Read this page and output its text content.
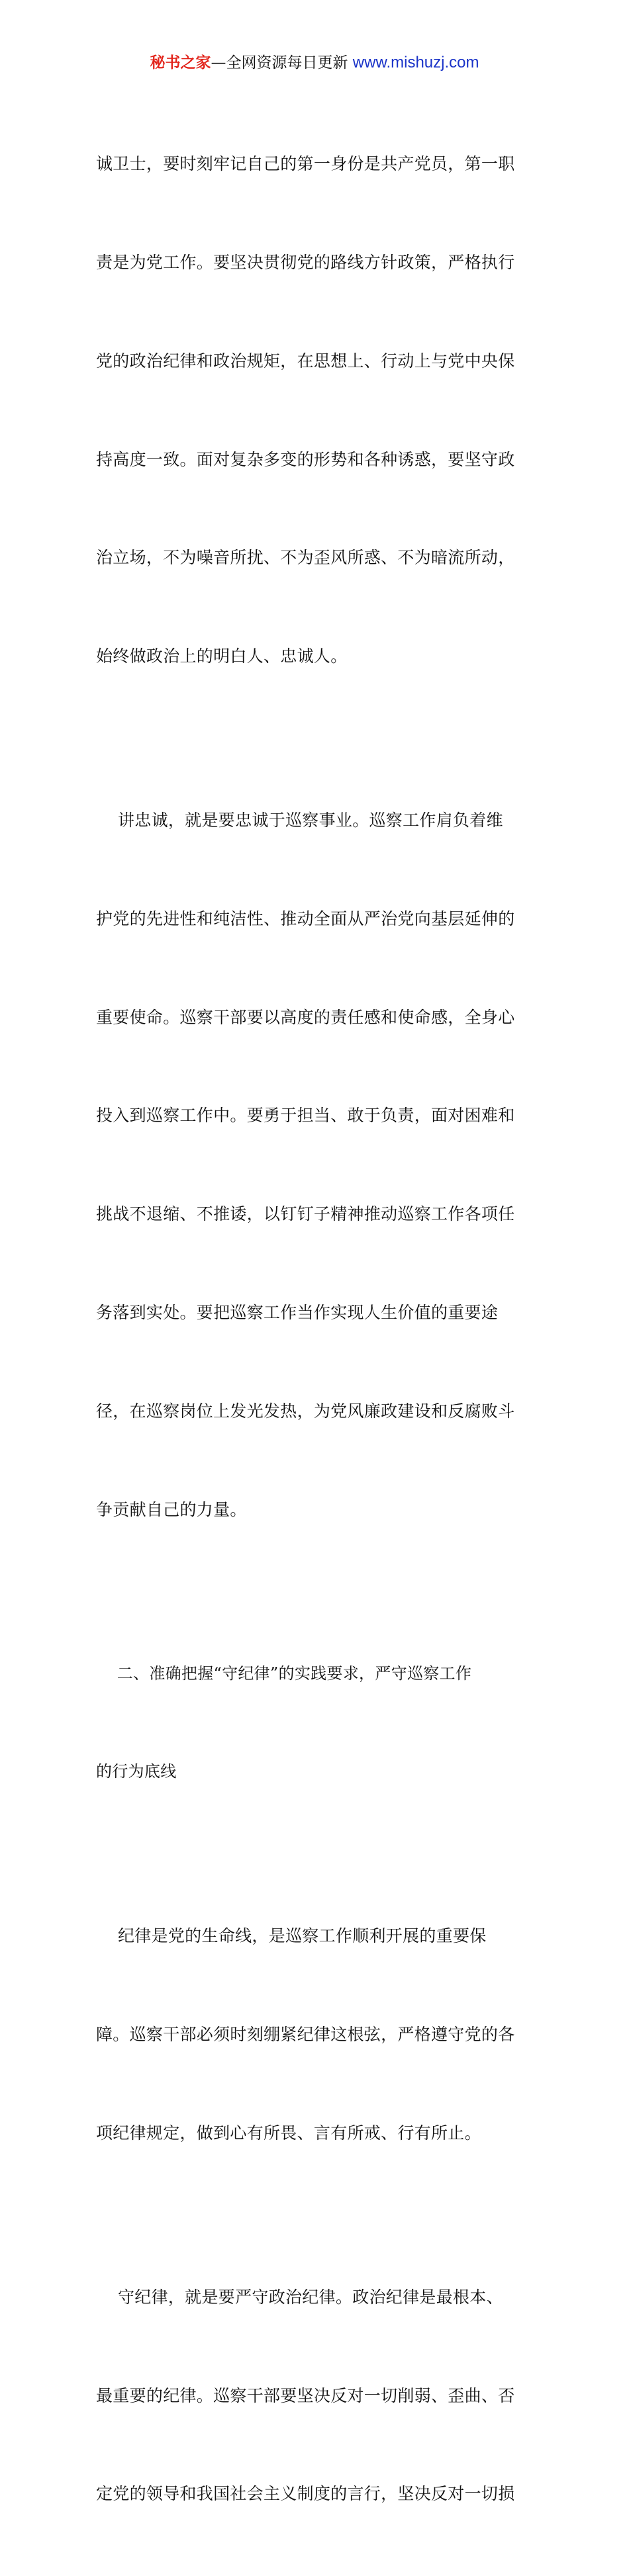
秘书之家—全网资源每日更新 www.mishuzj.com

诚卫士，要时刻牢记自己的第一身份是共产党员，第一职

责是为党工作。要坚决贯彻党的路线方针政策，严格执行

党的政治纪律和政治规矩，在思想上、行动上与党中央保

持高度一致。面对复杂多变的形势和各种诱惑，要坚守政

治立场，不为噪音所扰、不为歪风所惑、不为暗流所动，

始终做政治上的明白人、忠诚人。

讲忠诚，就是要忠诚于巡察事业。巡察工作肩负着维

护党的先进性和纯洁性、推动全面从严治党向基层延伸的

重要使命。巡察干部要以高度的责任感和使命感，全身心

投入到巡察工作中。要勇于担当、敢于负责，面对困难和

挑战不退缩、不推诿，以钉钉子精神推动巡察工作各项任

务落到实处。要把巡察工作当作实现人生价值的重要途

径，在巡察岗位上发光发热，为党风廉政建设和反腐败斗

争贡献自己的力量。

二、准确把握“守纪律”的实践要求，严守巡察工作

的行为底线

纪律是党的生命线，是巡察工作顺利开展的重要保

障。巡察干部必须时刻绷紧纪律这根弦，严格遵守党的各

项纪律规定，做到心有所畏、言有所戒、行有所止。

守纪律，就是要严守政治纪律。政治纪律是最根本、

最重要的纪律。巡察干部要坚决反对一切削弱、歪曲、否

定党的领导和我国社会主义制度的言行，坚决反对一切损
